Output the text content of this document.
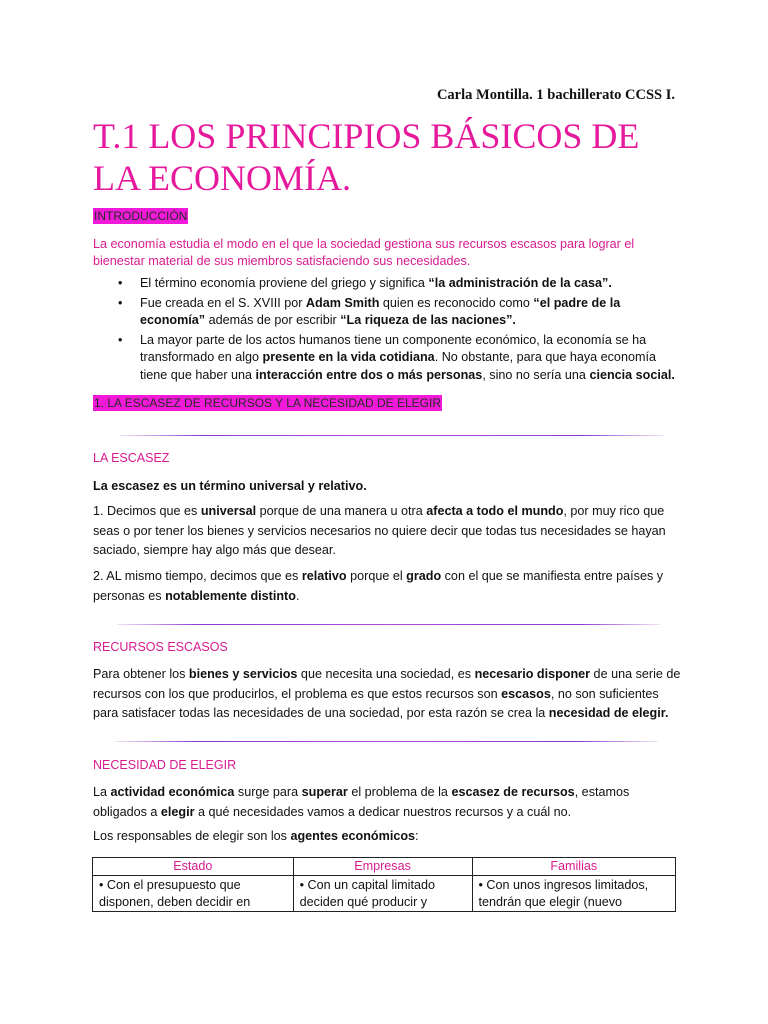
Carla Montilla. 1 bachillerato CCSS I.
T.1 LOS PRINCIPIOS BÁSICOS DE LA ECONOMÍA.
INTRODUCCIÓN

La economía estudia el modo en el que la sociedad gestiona sus recursos escasos para lograr el bienestar material de sus miembros satisfaciendo sus necesidades.

• El término economía proviene del griego y significa “la administración de la casa”.
• Fue creada en el S. XVIII por Adam Smith quien es reconocido como “el padre de la economía” además de por escribir “La riqueza de las naciones”.
• La mayor parte de los actos humanos tiene un componente económico, la economía se ha transformado en algo presente en la vida cotidiana. No obstante, para que haya economía tiene que haber una interacción entre dos o más personas, sino no sería una ciencia social.
1. LA ESCASEZ DE RECURSOS Y LA NECESIDAD DE ELEGIR
LA ESCASEZ
La escasez es un término universal y relativo.

1. Decimos que es universal porque de una manera u otra afecta a todo el mundo, por muy rico que seas o por tener los bienes y servicios necesarios no quiere decir que todas tus necesidades se hayan saciado, siempre hay algo más que desear.

2. AL mismo tiempo, decimos que es relativo porque el grado con el que se manifiesta entre países y personas es notablemente distinto.

RECURSOS ESCASOS

Para obtener los bienes y servicios que necesita una sociedad, es necesario disponer de una serie de recursos con los que producirlos, el problema es que estos recursos son escasos, no son suficientes para satisfacer todas las necesidades de una sociedad, por esta razón se crea la necesidad de elegir.

NECESIDAD DE ELEGIR

La actividad económica surge para superar el problema de la escasez de recursos, estamos obligados a elegir a qué necesidades vamos a dedicar nuestros recursos y a cuál no.

Los responsables de elegir son los agentes económicos:

Estado	Empresas	Familias
• Con el presupuesto que disponen, deben decidir en	• Con un capital limitado deciden qué producir y	• Con unos ingresos limitados, tendrán que elegir (nuevo
